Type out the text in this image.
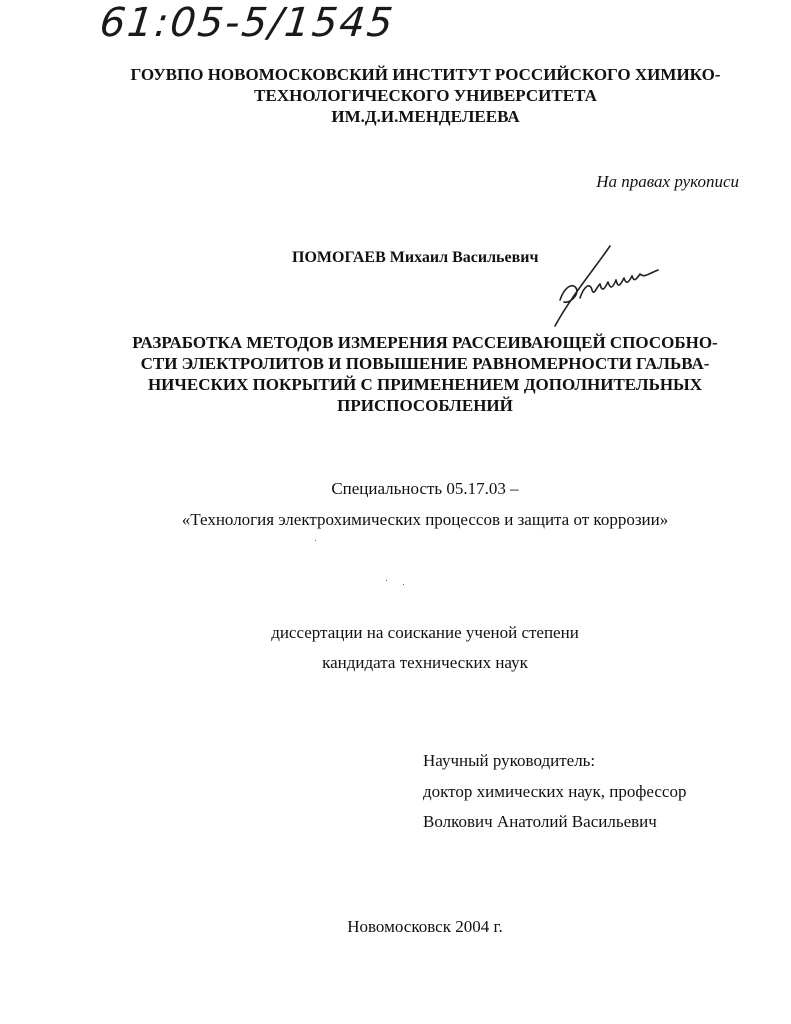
61:05-5/1545
ГОУВПО НОВОМОСКОВСКИЙ ИНСТИТУТ РОССИЙСКОГО ХИМИКО-
ТЕХНОЛОГИЧЕСКОГО УНИВЕРСИТЕТА
ИМ.Д.И.МЕНДЕЛЕЕВА
На правах рукописи
ПОМОГАЕВ Михаил Васильевич
РАЗРАБОТКА МЕТОДОВ ИЗМЕРЕНИЯ РАССЕИВАЮЩЕЙ СПОСОБНО-
СТИ ЭЛЕКТРОЛИТОВ И ПОВЫШЕНИЕ РАВНОМЕРНОСТИ ГАЛЬВА-
НИЧЕСКИХ ПОКРЫТИЙ С ПРИМЕНЕНИЕМ ДОПОЛНИТЕЛЬНЫХ
ПРИСПОСОБЛЕНИЙ
Специальность 05.17.03 –
«Технология электрохимических процессов и защита от коррозии»
диссертации на соискание ученой степени
кандидата технических наук
Научный руководитель:
доктор химических наук, профессор
Волкович Анатолий Васильевич
Новомосковск 2004 г.
